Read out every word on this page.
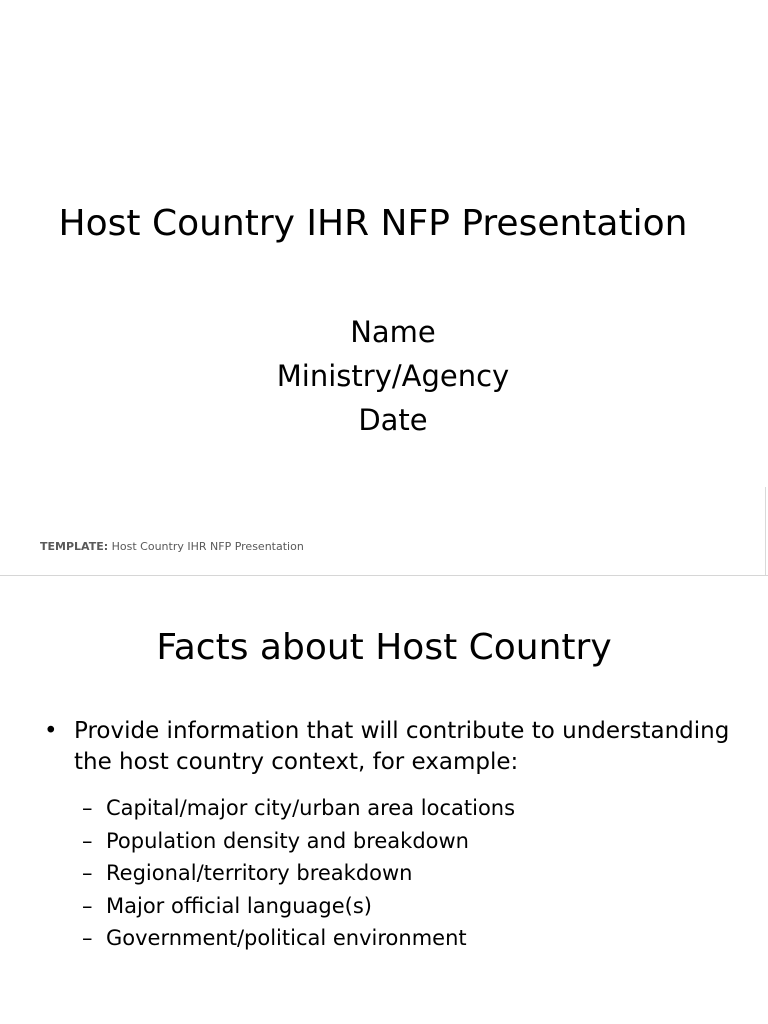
Host Country IHR NFP Presentation
Name
Ministry/Agency
Date
TEMPLATE: Host Country IHR NFP Presentation
Facts about Host Country
• Provide information that will contribute to understanding the host country context, for example:
– Capital/major city/urban area locations
– Population density and breakdown
– Regional/territory breakdown
– Major official language(s)
– Government/political environment
